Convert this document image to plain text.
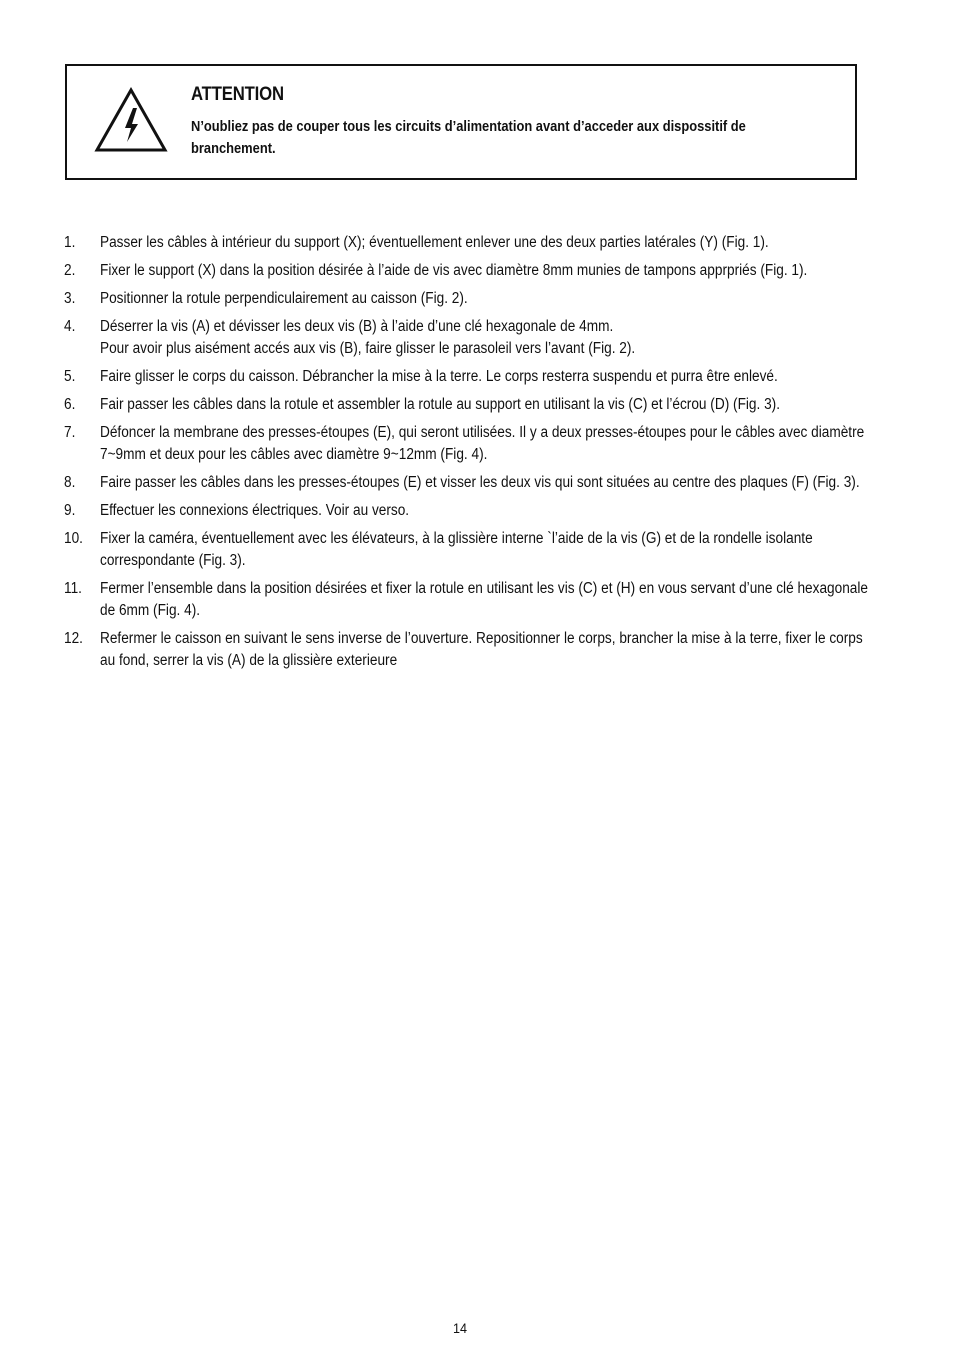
ATTENTION
N’oubliez pas de couper tous les circuits d’alimentation avant d’acceder aux dispossitif de branchement.
1.	Passer les câbles à intérieur du support (X); éventuellement enlever une des deux parties latérales (Y) (Fig. 1).
2.	Fixer le support (X) dans la position désirée à l’aide de vis avec diamètre 8mm munies de tampons apprpriés (Fig. 1).
3.	Positionner la rotule perpendiculairement au caisson (Fig. 2).
4.	Déserrer la vis (A) et dévisser les deux vis (B) à l’aide d’une clé hexagonale de 4mm.
Pour avoir plus aisément accés aux vis (B), faire glisser le parasoleil vers l’avant (Fig. 2).
5.	Faire glisser le corps du caisson. Débrancher la mise à la terre. Le corps resterra suspendu et purra être enlevé.
6.	Fair passer les câbles dans la rotule et assembler la rotule au support en utilisant la vis (C) et l’écrou (D) (Fig. 3).
7.	Défoncer la membrane des presses-étoupes (E), qui seront utilisées. Il y a deux presses-étoupes pour le câbles avec diamètre 7~9mm et deux pour les câbles avec diamètre 9~12mm (Fig. 4).
8.	Faire passer les câbles dans les presses-étoupes (E) et visser les deux vis qui sont situées au centre des plaques (F) (Fig. 3).
9.	Effectuer les connexions électriques. Voir au verso.
10.	Fixer la caméra, éventuellement avec les élévateurs, à la glissière interne `l’aide de la vis (G) et de la rondelle isolante correspondante (Fig. 3).
11.	Fermer l’ensemble dans la position désirées et fixer la rotule en utilisant les vis (C) et (H) en vous servant d’une clé hexagonale de 6mm (Fig. 4).
12.	Refermer le caisson en suivant le sens inverse de l’ouverture. Repositionner le corps, brancher la mise à la terre, fixer le corps au fond, serrer la vis (A) de la glissière exterieure
14
